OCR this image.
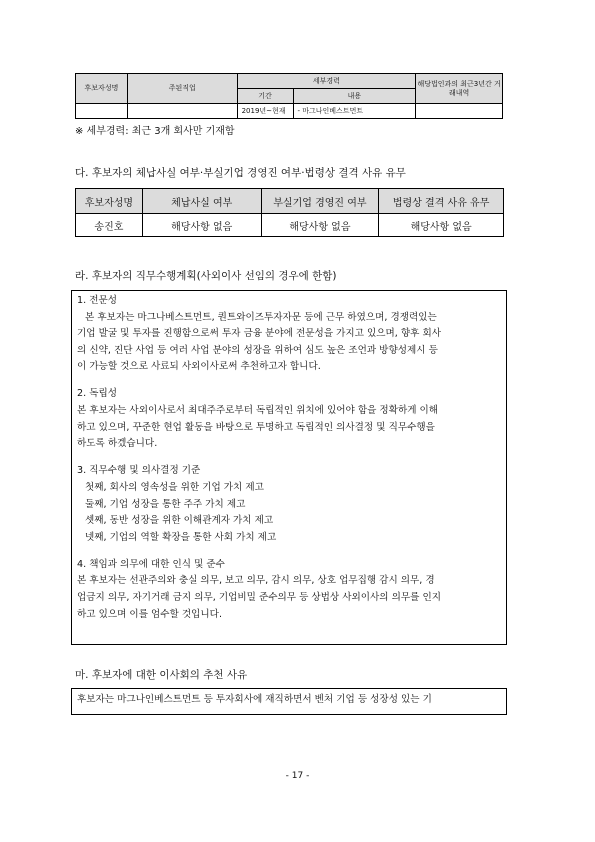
후보자성명	주된직업	세부경력		해당법인과의 최근3년간 거래내역
		기간	내용	
		2019년~현재	- 마그나인베스트먼트	
※ 세부경력: 최근 3개 회사만 기재함
다. 후보자의 체납사실 여부·부실기업 경영진 여부·법령상 결격 사유 유무
후보자성명	체납사실 여부	부실기업 경영진 여부	법령상 결격 사유 유무
송진호	해당사항 없음	해당사항 없음	해당사항 없음
라. 후보자의 직무수행계획(사외이사 선임의 경우에 한함)

1. 전문성

본 후보자는 마그나베스트먼트, 퀀트와이즈투자자문 등에 근무 하였으며, 경쟁력있는

기업 발굴 및 투자를 진행함으로써 투자 금융 분야에 전문성을 가지고 있으며, 향후 회사

의 신약, 진단 사업 등 여러 사업 분야의 성장을 위하여 심도 높은 조언과 방향성제시 등

이 가능할 것으로 사료되 사외이사로써 추천하고자 합니다.

2. 독립성

본 후보자는 사외이사로서 최대주주로부터 독립적인 위치에 있어야 함을 정확하게 이해

하고 있으며, 꾸준한 현업 활동을 바탕으로 투명하고 독립적인 의사결정 및 직무수행을

하도록 하겠습니다.

3. 직무수행 및 의사결정 기준

첫째, 회사의 영속성을 위한 기업 가치 제고

둘째, 기업 성장을 통한 주주 가치 제고

셋째, 동반 성장을 위한 이해관계자 가치 제고

넷째, 기업의 역할 확장을 통한 사회 가치 제고

4. 책임과 의무에 대한 인식 및 준수

본 후보자는 선관주의와 충실 의무, 보고 의무, 감시 의무, 상호 업무집행 감시 의무, 경

업금지 의무, 자기거래 금지 의무, 기업비밀 준수의무 등 상법상 사외이사의 의무를 인지

하고 있으며 이를 엄수할 것입니다.

마. 후보자에 대한 이사회의 추천 사유
후보자는 마그나인베스트먼트 등 투자회사에 재직하면서 벤처 기업 등 성장성 있는 기
- 17 -
